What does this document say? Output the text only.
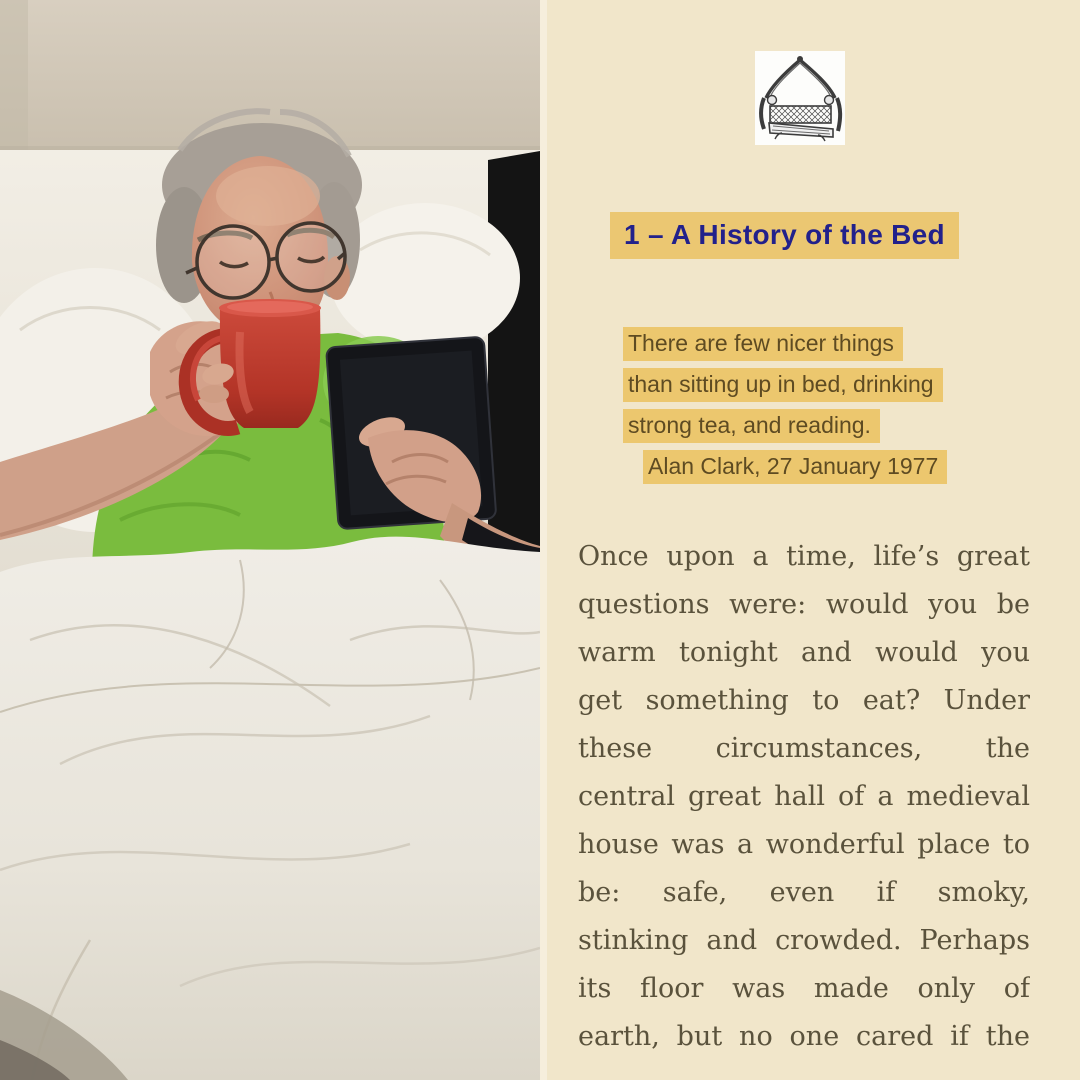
1 – A History of the Bed
There are few nicer things
than sitting up in bed, drinking
strong tea, and reading.
Alan Clark, 27 January 1977
Once upon a time, life’s great
questions were: would you be
warm tonight and would you
get something to eat? Under
these circumstances, the
central great hall of a medieval
house was a wonderful place to
be: safe, even if smoky,
stinking and crowded. Perhaps
its floor was made only of
earth, but no one cared if the
